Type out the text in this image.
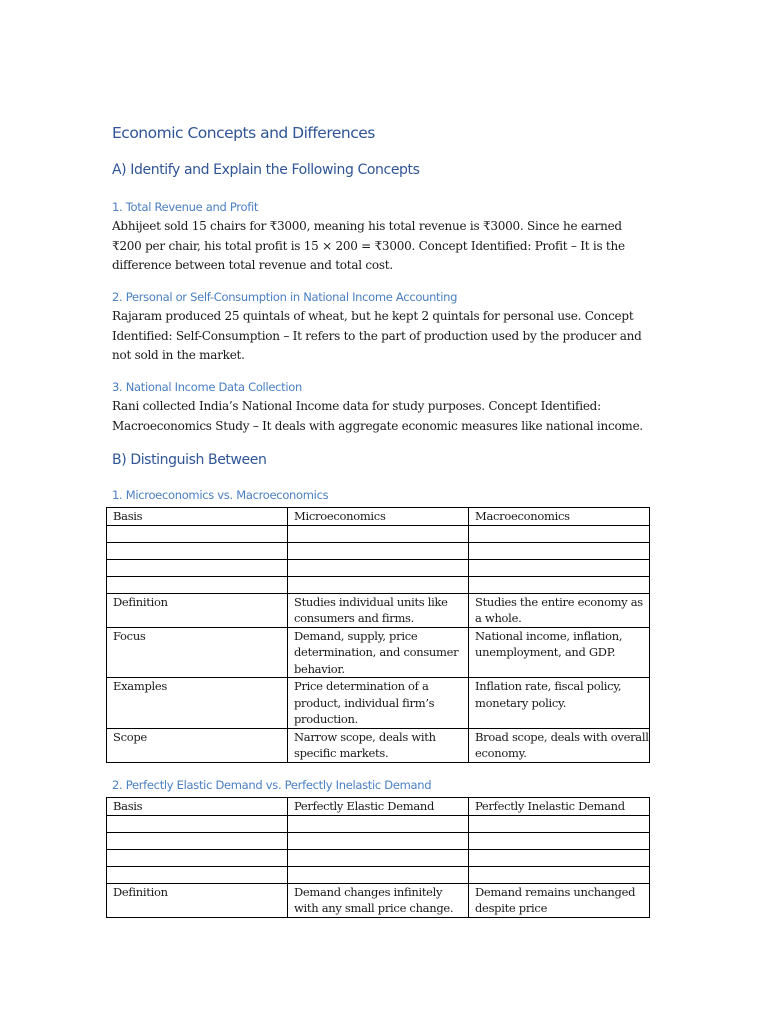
Economic Concepts and Differences
A) Identify and Explain the Following Concepts
1. Total Revenue and Profit

Abhijeet sold 15 chairs for ₹3000, meaning his total revenue is ₹3000. Since he earned ₹200 per chair, his total profit is 15 × 200 = ₹3000. Concept Identified: Profit – It is the difference between total revenue and total cost.

2. Personal or Self-Consumption in National Income Accounting

Rajaram produced 25 quintals of wheat, but he kept 2 quintals for personal use. Concept Identified: Self-Consumption – It refers to the part of production used by the producer and not sold in the market.

3. National Income Data Collection

Rani collected India’s National Income data for study purposes. Concept Identified: Macroeconomics Study – It deals with aggregate economic measures like national income.

B) Distinguish Between
1. Microeconomics vs. Macroeconomics
Basis	Microeconomics	Macroeconomics

Definition	Studies individual units like consumers and firms.	Studies the entire economy as a whole.
Focus	Demand, supply, price determination, and consumer behavior.	National income, inflation, unemployment, and GDP.
Examples	Price determination of a product, individual firm’s production.	Inflation rate, fiscal policy, monetary policy.
Scope	Narrow scope, deals with specific markets.	Broad scope, deals with overall economy.
2. Perfectly Elastic Demand vs. Perfectly Inelastic Demand
Basis	Perfectly Elastic Demand	Perfectly Inelastic Demand

Definition	Demand changes infinitely with any small price change.	Demand remains unchanged despite price
